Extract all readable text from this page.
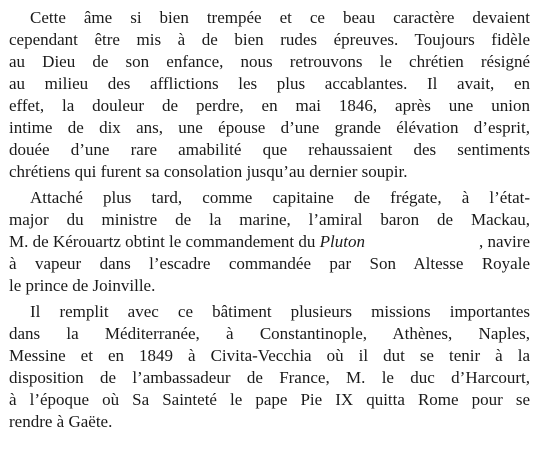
Cette âme si bien trempée et ce beau caractère devaient
cependant être mis à de bien rudes épreuves. Toujours fidèle
au Dieu de son enfance, nous retrouvons le chrétien résigné
au milieu des afflictions les plus accablantes. Il avait, en
effet, la douleur de perdre, en mai 1846, après une union
intime de dix ans, une épouse d’une grande élévation d’esprit,
douée d’une rare amabilité que rehaussaient des sentiments
chrétiens qui furent sa consolation jusqu’au dernier soupir.
Attaché plus tard, comme capitaine de frégate, à l’état-
major du ministre de la marine, l’amiral baron de Mackau,
M. de Kérouartz obtint le commandement du Pluton	, navire
à vapeur dans l’escadre commandée par Son Altesse Royale
le prince de Joinville.
Il remplit avec ce bâtiment plusieurs missions importantes
dans la Méditerranée, à Constantinople, Athènes, Naples,
Messine et en 1849 à Civita-Vecchia où il dut se tenir à la
disposition de l’ambassadeur de France, M. le duc d’Harcourt,
à l’époque où Sa Sainteté le pape Pie IX quitta Rome pour se
rendre à Gaëte.
